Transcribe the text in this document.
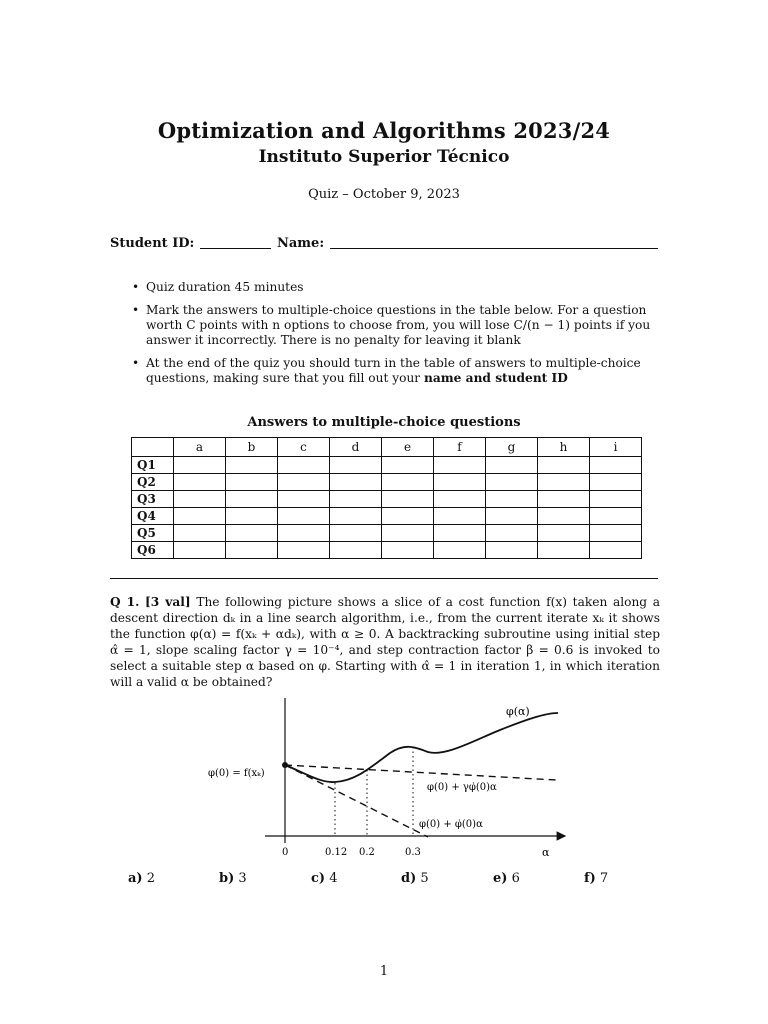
Optimization and Algorithms 2023/24
Instituto Superior Técnico
Quiz – October 9, 2023
Student ID:	Name:
• Quiz duration 45 minutes
• Mark the answers to multiple-choice questions in the table below. For a question worth C points with n options to choose from, you will lose C/(n − 1) points if you answer it incorrectly. There is no penalty for leaving it blank
• At the end of the quiz you should turn in the table of answers to multiple-choice questions, making sure that you fill out your name and student ID
Answers to multiple-choice questions
	a	b	c	d	e	f	g	h	i
Q1									
Q2									
Q3									
Q4									
Q5									
Q6									
Q 1. [3 val] The following picture shows a slice of a cost function f(x) taken along a descent direction dₖ in a line search algorithm, i.e., from the current iterate xₖ it shows the function φ(α) = f(xₖ + αdₖ), with α ≥ 0. A backtracking subroutine using initial step α̂ = 1, slope scaling factor γ = 10⁻⁴, and step contraction factor β = 0.6 is invoked to select a suitable step α based on φ. Starting with α̂ = 1 in iteration 1, in which iteration will a valid α be obtained?
φ(α)
φ(0) = f(xₖ)
φ(0) + γφ̇(0)α
φ(0) + φ̇(0)α
0	0.12 0.2	0.3	α
a) 2	b) 3	c) 4	d) 5	e) 6	f) 7
1
